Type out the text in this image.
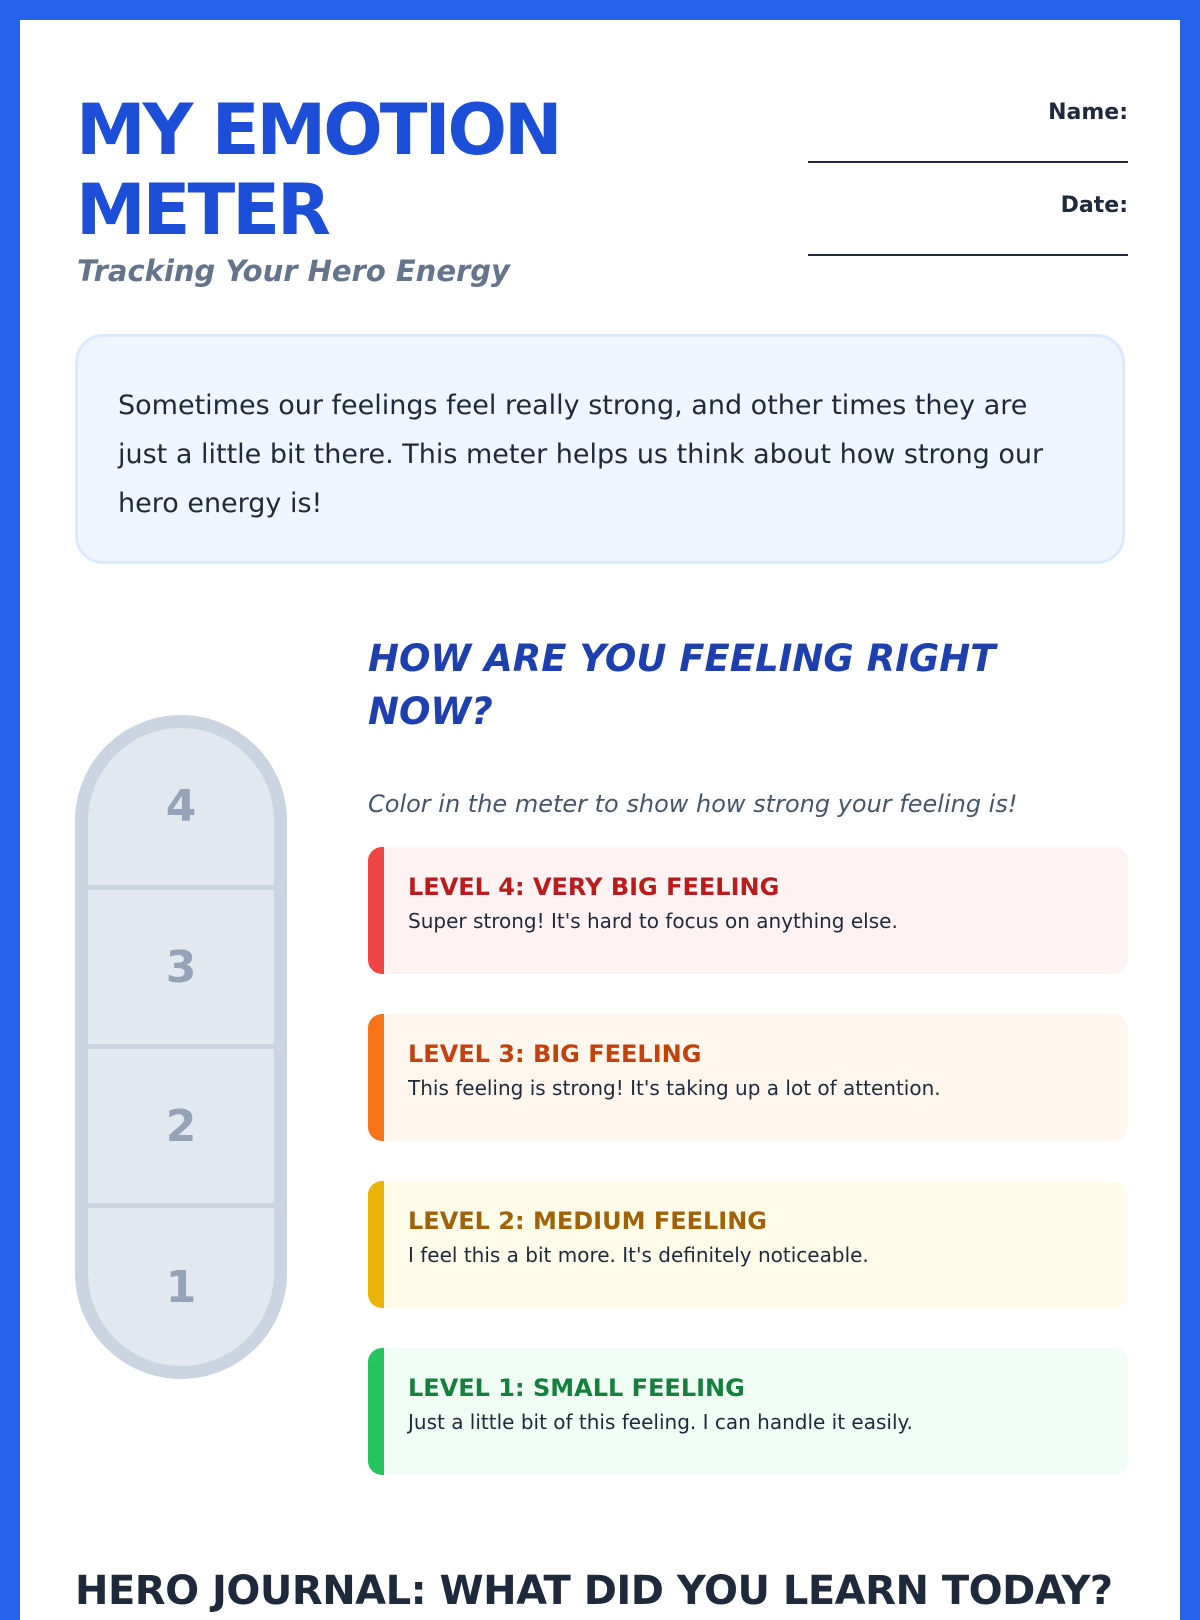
MY EMOTION
METER
Tracking Your Hero Energy
Name:
Date:
Sometimes our feelings feel really strong, and other times they are just a little bit there. This meter helps us think about how strong our hero energy is!
4
3
2
1
HOW ARE YOU FEELING RIGHT NOW?
Color in the meter to show how strong your feeling is!
LEVEL 4: VERY BIG FEELING
Super strong! It's hard to focus on anything else.
LEVEL 3: BIG FEELING
This feeling is strong! It's taking up a lot of attention.
LEVEL 2: MEDIUM FEELING
I feel this a bit more. It's definitely noticeable.
LEVEL 1: SMALL FEELING
Just a little bit of this feeling. I can handle it easily.
HERO JOURNAL: WHAT DID YOU LEARN TODAY?
